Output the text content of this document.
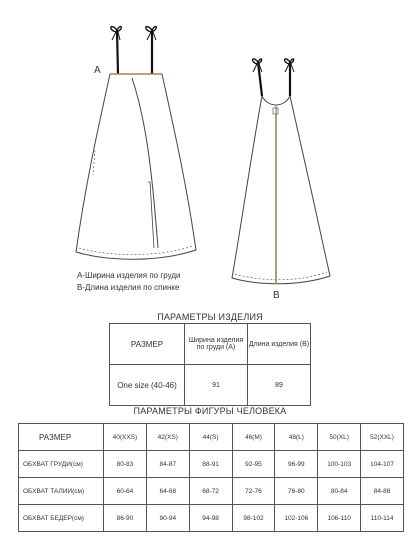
A
B
А-Ширина изделия по груди
В-Длина изделия по спинке
ПАРАМЕТРЫ ИЗДЕЛИЯ
РАЗМЕР	Ширина изделия по груди (А)	Длина изделия (В)
One size (40-46)	91	89
ПАРАМЕТРЫ ФИГУРЫ ЧЕЛОВЕКА
РАЗМЕР	40(XXS)	42(XS)	44(S)	46(M)	48(L)	50(XL)	52(XXL)
ОБХВАТ ГРУДИ(см)	80-83	84-87	88-91	92-95	96-99	100-103	104-107
ОБХВАТ ТАЛИИ(см)	60-64	64-68	68-72	72-76	76-80	80-84	84-88
ОБХВАТ БЕДЕР(см)	86-90	90-94	94-98	98-102	102-106	106-110	110-114
